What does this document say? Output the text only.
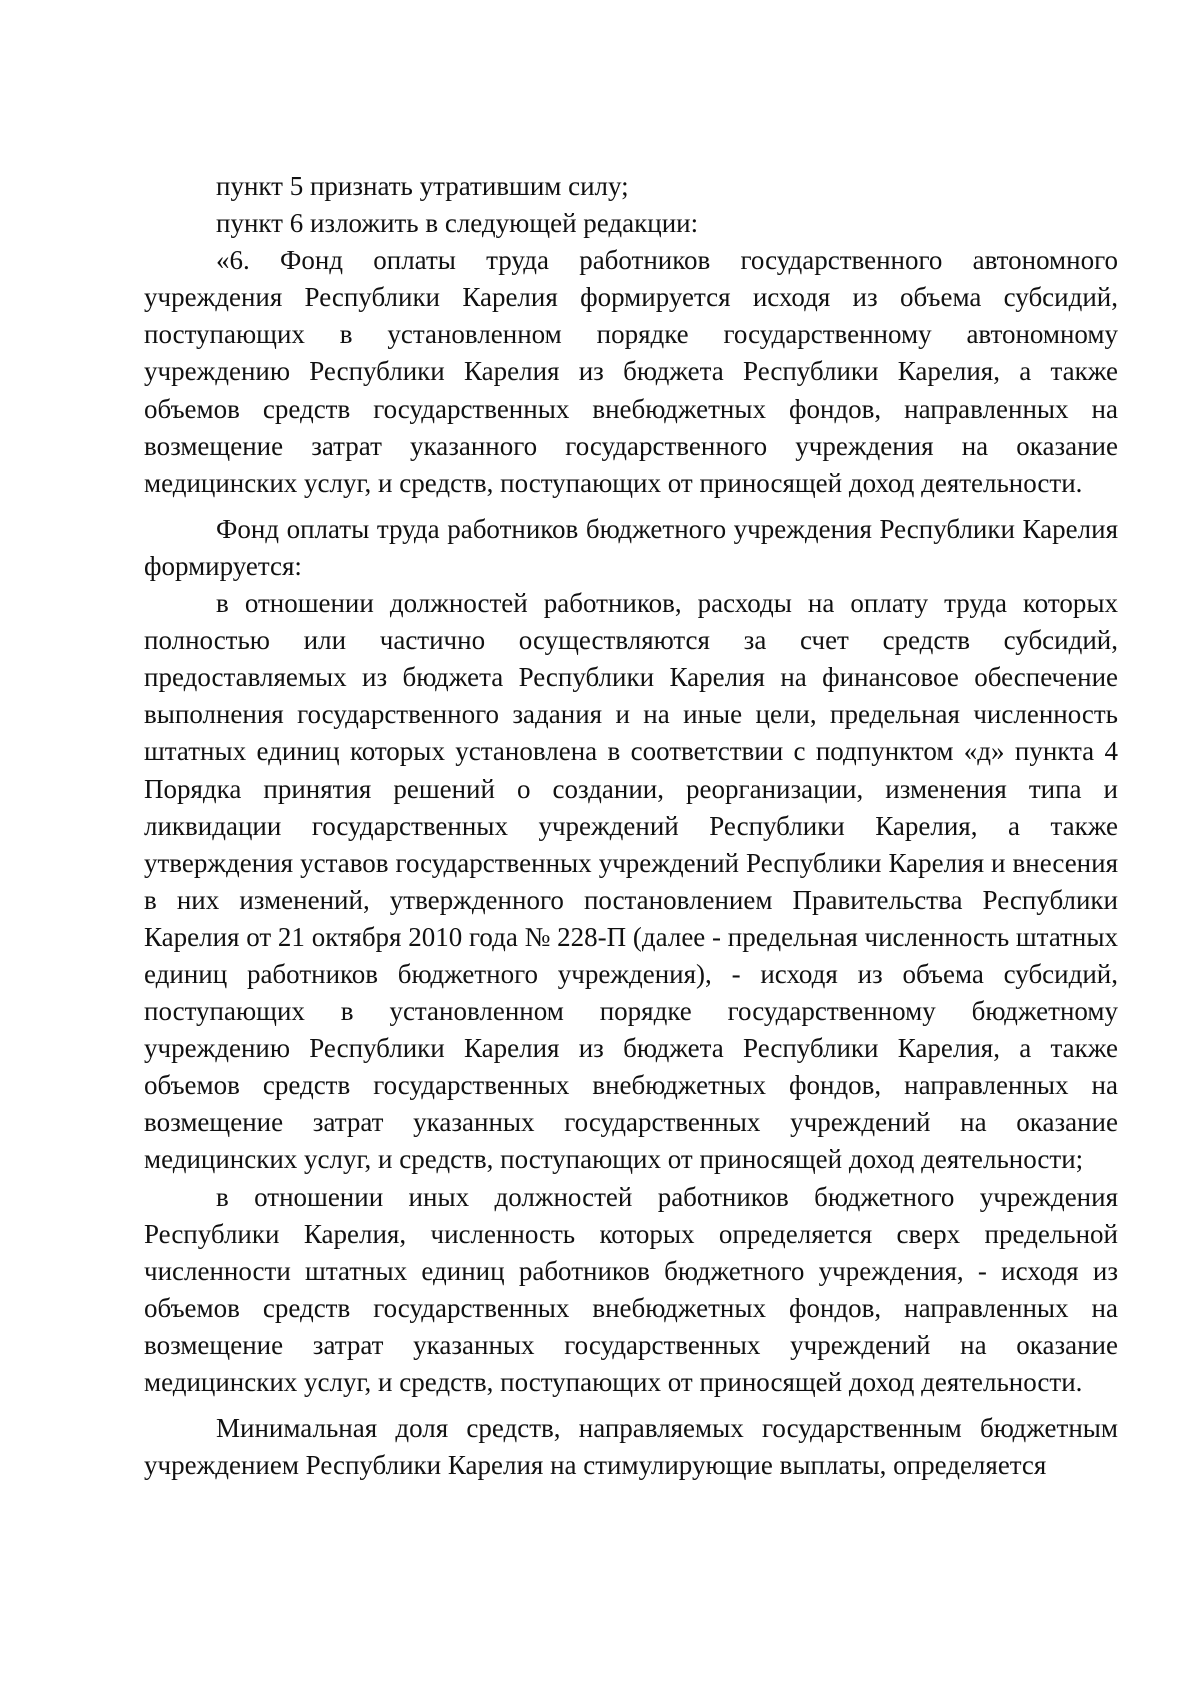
пункт 5 признать утратившим силу;

пункт 6 изложить в следующей редакции:

«6. Фонд оплаты труда работников государственного автономного учреждения Республики Карелия формируется исходя из объема субсидий, поступающих в установленном порядке государственному автономному учреждению Республики Карелия из бюджета Республики Карелия, а также объемов средств государственных внебюджетных фондов, направленных на возмещение затрат указанного государственного учреждения на оказание медицинских услуг, и средств, поступающих от приносящей доход деятельности.

Фонд оплаты труда работников бюджетного учреждения Республики Карелия формируется:

в отношении должностей работников, расходы на оплату труда которых полностью или частично осуществляются за счет средств субсидий, предоставляемых из бюджета Республики Карелия на финансовое обеспечение выполнения государственного задания и на иные цели, предельная численность штатных единиц которых установлена в соответствии с подпунктом «д» пункта 4 Порядка принятия решений о создании, реорганизации, изменения типа и ликвидации государственных учреждений Республики Карелия, а также утверждения уставов государственных учреждений Республики Карелия и внесения в них изменений, утвержденного постановлением Правительства Республики Карелия от 21 октября 2010 года № 228-П (далее - предельная численность штатных единиц работников бюджетного учреждения), - исходя из объема субсидий, поступающих в установленном порядке государственному бюджетному учреждению Республики Карелия из бюджета Республики Карелия, а также объемов средств государственных внебюджетных фондов, направленных на возмещение затрат указанных государственных учреждений на оказание медицинских услуг, и средств, поступающих от приносящей доход деятельности;

в отношении иных должностей работников бюджетного учреждения Республики Карелия, численность которых определяется сверх предельной численности штатных единиц работников бюджетного учреждения, - исходя из объемов средств государственных внебюджетных фондов, направленных на возмещение затрат указанных государственных учреждений на оказание медицинских услуг, и средств, поступающих от приносящей доход деятельности.

Минимальная доля средств, направляемых государственным бюджетным учреждением Республики Карелия на стимулирующие выплаты, определяется
